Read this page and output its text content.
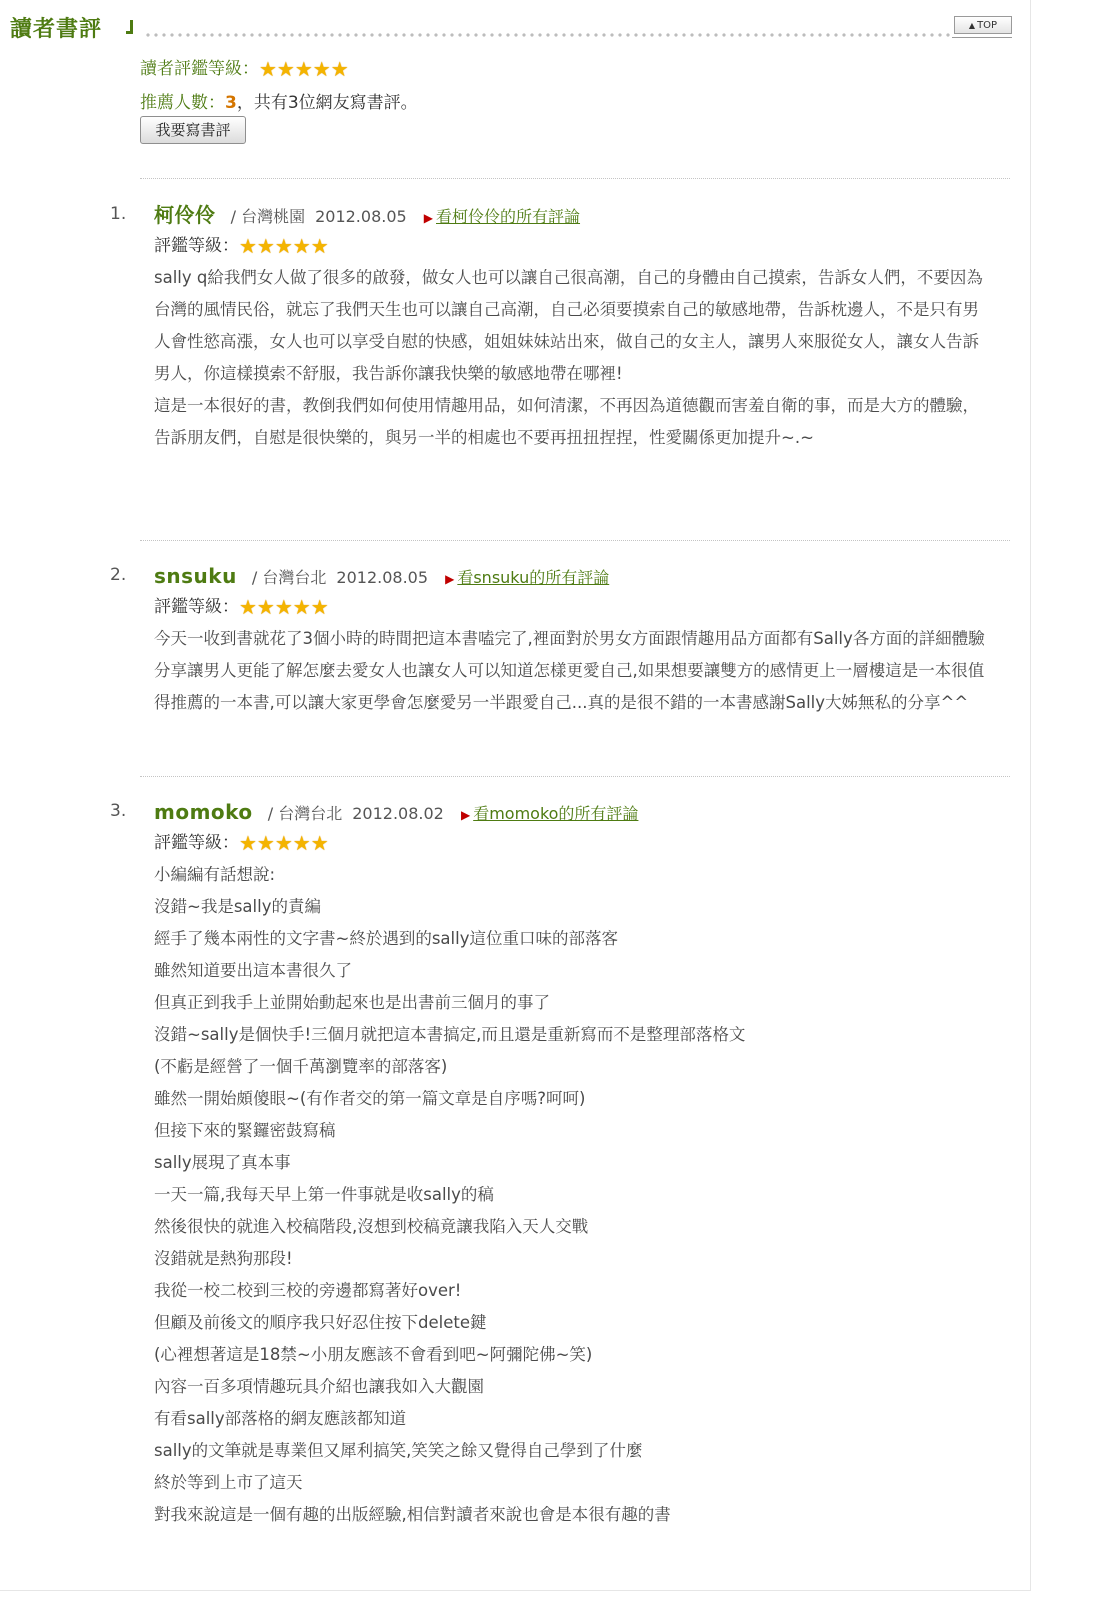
讀者書評	▲ TOP
讀者評鑑等級：★★★★★
推薦人數：3，共有3位網友寫書評。
我要寫書評
1. 柯伶伶 / 台灣桃園 2012.08.05 ▶ 看柯伶伶的所有評論
評鑑等級：★★★★★

sally q給我們女人做了很多的啟發，做女人也可以讓自己很高潮，自己的身體由自己摸索，告訴女人們，不要因為台灣的風情民俗，就忘了我們天生也可以讓自己高潮，自己必須要摸索自己的敏感地帶，告訴枕邊人，不是只有男人會性慾高漲，女人也可以享受自慰的快感，姐姐妹妹站出來，做自己的女主人，讓男人來服從女人，讓女人告訴男人，你這樣摸索不舒服，我告訴你讓我快樂的敏感地帶在哪裡!

這是一本很好的書，教倒我們如何使用情趣用品，如何清潔，不再因為道德觀而害羞自衛的事，而是大方的體驗，告訴朋友們，自慰是很快樂的，與另一半的相處也不要再扭扭捏捏，性愛關係更加提升~.~

2. snsuku / 台灣台北 2012.08.05 ▶ 看snsuku的所有評論
評鑑等級：★★★★★

今天一收到書就花了3個小時的時間把這本書嗑完了,裡面對於男女方面跟情趣用品方面都有Sally各方面的詳細體驗分享讓男人更能了解怎麼去愛女人也讓女人可以知道怎樣更愛自己,如果想要讓雙方的感情更上一層樓這是一本很值得推薦的一本書,可以讓大家更學會怎麼愛另一半跟愛自己...真的是很不錯的一本書感謝Sally大姊無私的分享^^

3. momoko / 台灣台北 2012.08.02 ▶ 看momoko的所有評論
評鑑等級：★★★★★

小編編有話想說:

沒錯~我是sally的責編

經手了幾本兩性的文字書~終於遇到的sally這位重口味的部落客

雖然知道要出這本書很久了

但真正到我手上並開始動起來也是出書前三個月的事了

沒錯~sally是個快手!三個月就把這本書搞定,而且還是重新寫而不是整理部落格文

(不虧是經營了一個千萬瀏覽率的部落客)

雖然一開始頗傻眼~(有作者交的第一篇文章是自序嗎?呵呵)

但接下來的緊鑼密鼓寫稿

sally展現了真本事

一天一篇,我每天早上第一件事就是收sally的稿

然後很快的就進入校稿階段,沒想到校稿竟讓我陷入天人交戰

沒錯就是熱狗那段!

我從一校二校到三校的旁邊都寫著好over!

但顧及前後文的順序我只好忍住按下delete鍵

(心裡想著這是18禁~小朋友應該不會看到吧~阿彌陀佛~笑)

內容一百多項情趣玩具介紹也讓我如入大觀園

有看sally部落格的網友應該都知道

sally的文筆就是專業但又犀利搞笑,笑笑之餘又覺得自己學到了什麼

終於等到上市了這天

對我來說這是一個有趣的出版經驗,相信對讀者來說也會是本很有趣的書
